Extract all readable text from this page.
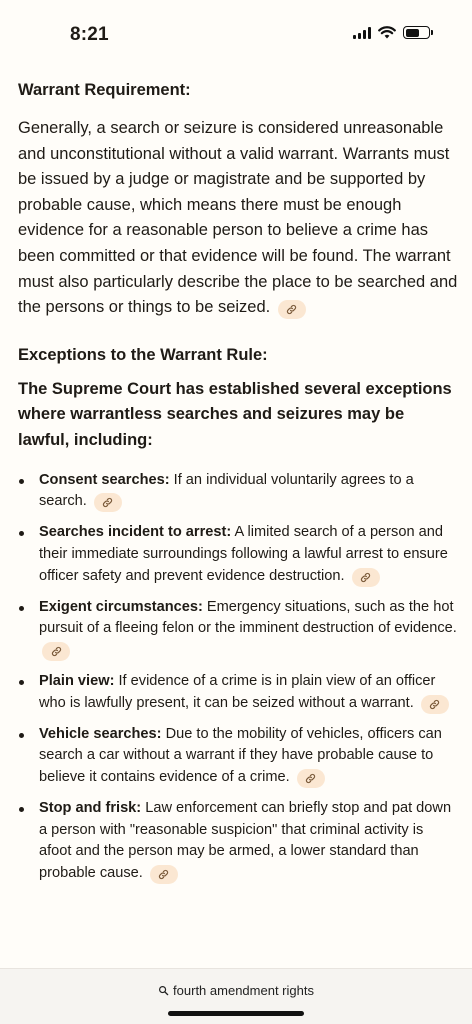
8:21
Warrant Requirement:

Generally, a search or seizure is considered unreasonable and unconstitutional without a valid warrant. Warrants must be issued by a judge or magistrate and be supported by probable cause, which means there must be enough evidence for a reasonable person to believe a crime has been committed or that evidence will be found. The warrant must also particularly describe the place to be searched and the persons or things to be seized.

Exceptions to the Warrant Rule:

The Supreme Court has established several exceptions where warrantless searches and seizures may be lawful, including:

Consent searches: If an individual voluntarily agrees to a search.
Searches incident to arrest: A limited search of a person and their immediate surroundings following a lawful arrest to ensure officer safety and prevent evidence destruction.
Exigent circumstances: Emergency situations, such as the hot pursuit of a fleeing felon or the imminent destruction of evidence.
Plain view: If evidence of a crime is in plain view of an officer who is lawfully present, it can be seized without a warrant.
Vehicle searches: Due to the mobility of vehicles, officers can search a car without a warrant if they have probable cause to believe it contains evidence of a crime.
Stop and frisk: Law enforcement can briefly stop and pat down a person with "reasonable suspicion" that criminal activity is afoot and the person may be armed, a lower standard than probable cause.
fourth amendment rights
